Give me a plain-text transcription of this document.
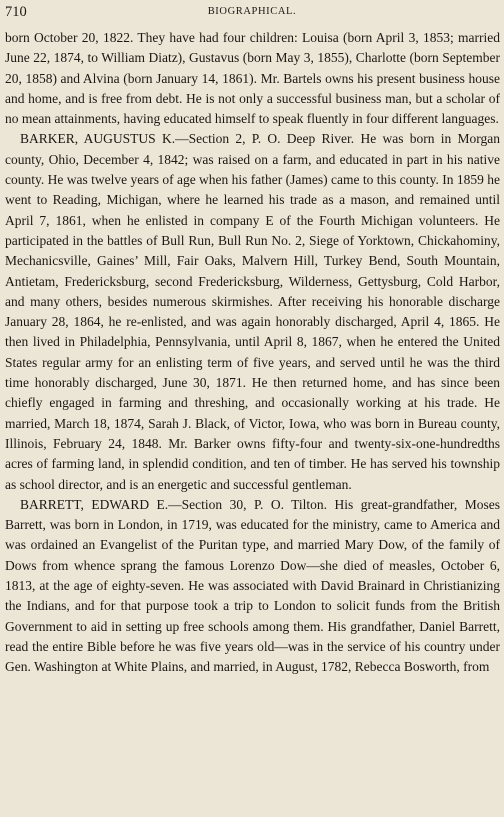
710	BIOGRAPHICAL.

born October 20, 1822. They have had four children: Louisa (born April 3, 1853; married June 22, 1874, to William Diatz), Gustavus (born May 3, 1855), Charlotte (born September 20, 1858) and Alvina (born January 14, 1861). Mr. Bartels owns his present business house and home, and is free from debt. He is not only a successful business man, but a scholar of no mean attainments, having educated himself to speak fluently in four different languages.

BARKER, AUGUSTUS K.—Section 2, P. O. Deep River. He was born in Morgan county, Ohio, December 4, 1842; was raised on a farm, and educated in part in his native county. He was twelve years of age when his father (James) came to this county. In 1859 he went to Reading, Michigan, where he learned his trade as a mason, and remained until April 7, 1861, when he enlisted in company E of the Fourth Michigan volunteers. He participated in the battles of Bull Run, Bull Run No. 2, Siege of Yorktown, Chickahominy, Mechanicsville, Gaines’ Mill, Fair Oaks, Malvern Hill, Turkey Bend, South Mountain, Antietam, Fredericksburg, second Fredericksburg, Wilderness, Gettysburg, Cold Harbor, and many others, besides numerous skirmishes. After receiving his honorable discharge January 28, 1864, he re-enlisted, and was again honorably discharged, April 4, 1865. He then lived in Philadelphia, Pennsylvania, until April 8, 1867, when he entered the United States regular army for an enlisting term of five years, and served until he was the third time honorably discharged, June 30, 1871. He then returned home, and has since been chiefly engaged in farming and threshing, and occasionally working at his trade. He married, March 18, 1874, Sarah J. Black, of Victor, Iowa, who was born in Bureau county, Illinois, February 24, 1848. Mr. Barker owns fifty-four and twenty-six-one-hundredths acres of farming land, in splendid condition, and ten of timber. He has served his township as school director, and is an energetic and successful gentleman.

BARRETT, EDWARD E.—Section 30, P. O. Tilton. His great-grandfather, Moses Barrett, was born in London, in 1719, was educated for the ministry, came to America and was ordained an Evangelist of the Puritan type, and married Mary Dow, of the family of Dows from whence sprang the famous Lorenzo Dow—she died of measles, October 6, 1813, at the age of eighty-seven. He was associated with David Brainard in Christianizing the Indians, and for that purpose took a trip to London to solicit funds from the British Government to aid in setting up free schools among them. His grandfather, Daniel Barrett, read the entire Bible before he was five years old—was in the service of his country under Gen. Washington at White Plains, and married, in August, 1782, Rebecca Bosworth, from
